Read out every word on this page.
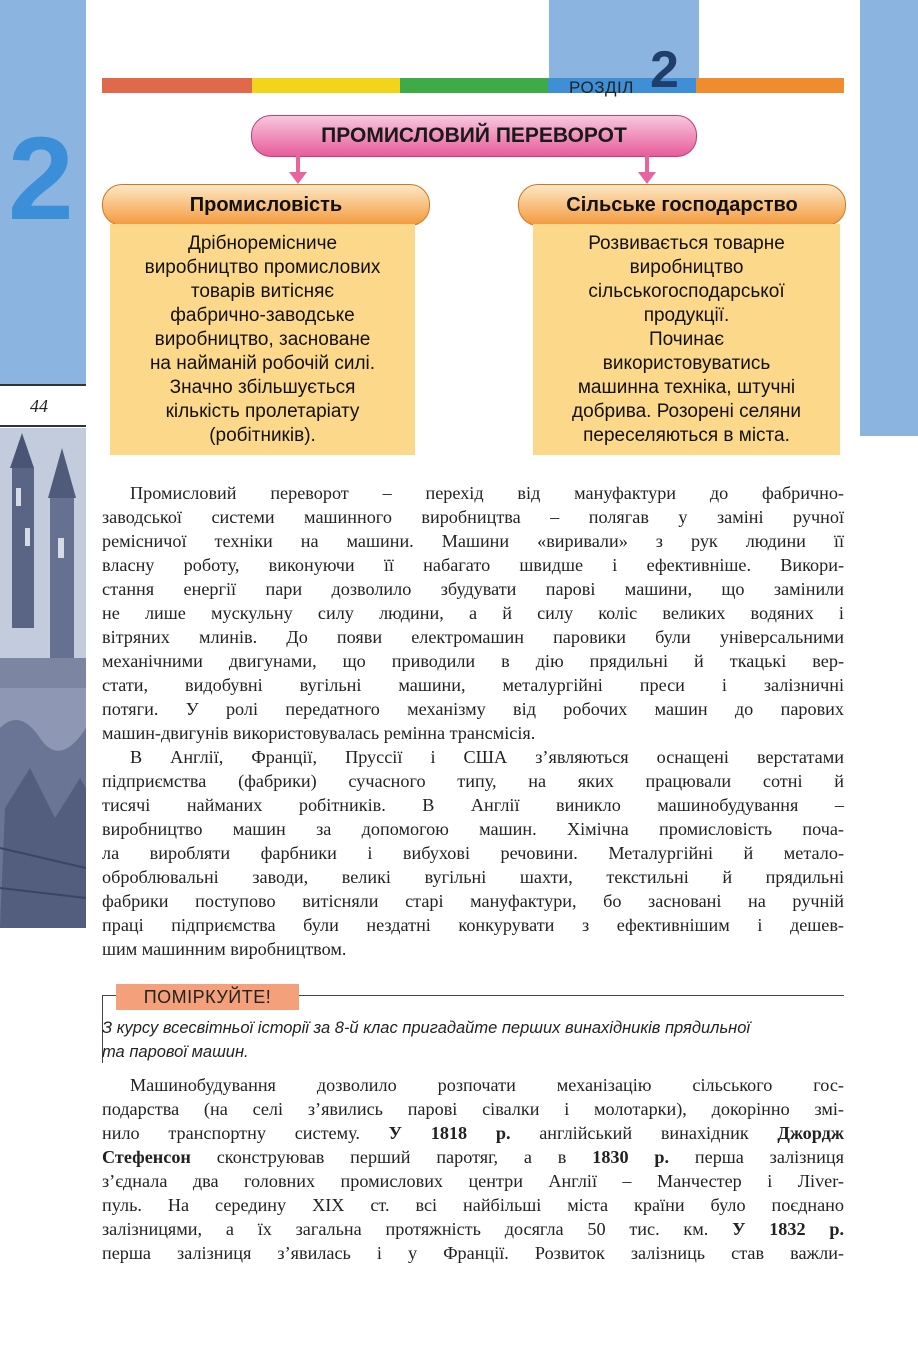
2
44
РОЗДІЛ 2
ПРОМИСЛОВИЙ ПЕРЕВОРОТ
Промисловість
Дрібноремісниче
виробництво промислових
товарів витісняє
фабрично-заводське
виробництво, засноване
на найманій робочій силі.
Значно збільшується
кількість пролетаріату
(робітників).
Сільське господарство
Розвивається товарне
виробництво
сільськогосподарської
продукції.
Починає
використовуватись
машинна техніка, штучні
добрива. Розорені селяни
переселяються в міста.
Промисловий переворот – перехід від мануфактури до фабрично-
заводської системи машинного виробництва – полягав у заміні ручної
ремісничої техніки на машини. Машини «виривали» з рук людини її
власну роботу, виконуючи її набагато швидше і ефективніше. Викори-
стання енергії пари дозволило збудувати парові машини, що замінили
не лише мускульну силу людини, а й силу коліс великих водяних і
вітряних млинів. До появи електромашин паровики були універсальними
механічними двигунами, що приводили в дію прядильні й ткацькі вер-
стати, видобувні вугільні машини, металургійні преси і залізничні
потяги. У ролі передатного механізму від робочих машин до парових
машин-двигунів використовувалась ремінна трансмісія.
В Англії, Франції, Пруссії і США з’являються оснащені верстатами
підприємства (фабрики) сучасного типу, на яких працювали сотні й
тисячі найманих робітників. В Англії виникло машинобудування –
виробництво машин за допомогою машин. Хімічна промисловість поча-
ла виробляти фарбники і вибухові речовини. Металургійні й метало-
оброблювальні заводи, великі вугільні шахти, текстильні й прядильні
фабрики поступово витісняли старі мануфактури, бо засновані на ручній
праці підприємства були нездатні конкурувати з ефективнішим і дешев-
шим машинним виробництвом.
ПОМІРКУЙТЕ!
З курсу всесвітньої історії за 8-й клас пригадайте перших винахідників прядильної
та парової машин.
Машинобудування дозволило розпочати механізацію сільського гос-
подарства (на селі з’явились парові сівалки і молотарки), докорінно змі-
нило транспортну систему. У 1818 р. англійський винахідник Джордж
Стефенсон сконструював перший паротяг, а в 1830 р. перша залізниця
з’єднала два головних промислових центри Англії – Манчестер і Ліver-
пуль. На середину XIX ст. всі найбільші міста країни було поєднано
залізницями, а їх загальна протяжність досягла 50 тис. км. У 1832 р.
перша залізниця з’явилась і у Франції. Розвиток залізниць став важли-
